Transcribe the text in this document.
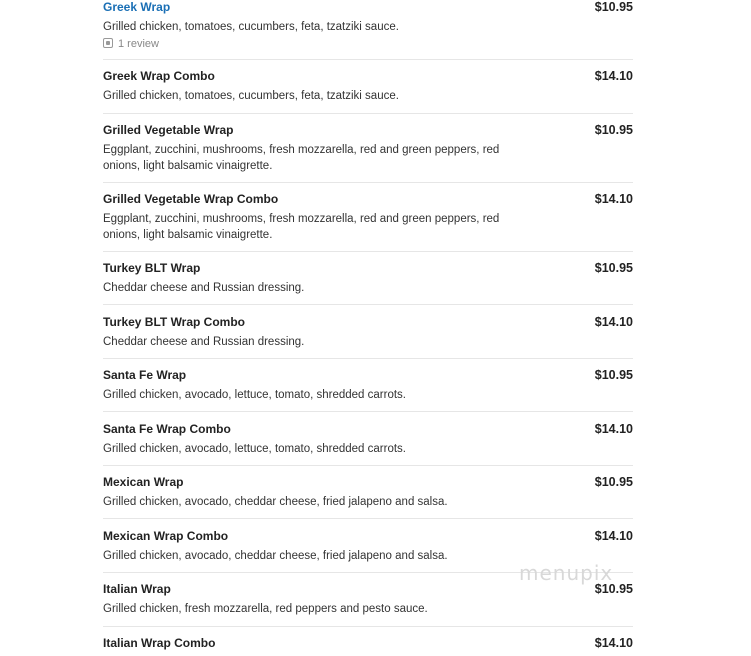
Greek Wrap	$10.95
Grilled chicken, tomatoes, cucumbers, feta, tzatziki sauce.
1 review
Greek Wrap Combo	$14.10
Grilled chicken, tomatoes, cucumbers, feta, tzatziki sauce.
Grilled Vegetable Wrap	$10.95
Eggplant, zucchini, mushrooms, fresh mozzarella, red and green peppers, red onions, light balsamic vinaigrette.
Grilled Vegetable Wrap Combo	$14.10
Eggplant, zucchini, mushrooms, fresh mozzarella, red and green peppers, red onions, light balsamic vinaigrette.
Turkey BLT Wrap	$10.95
Cheddar cheese and Russian dressing.
Turkey BLT Wrap Combo	$14.10
Cheddar cheese and Russian dressing.
Santa Fe Wrap	$10.95
Grilled chicken, avocado, lettuce, tomato, shredded carrots.
Santa Fe Wrap Combo	$14.10
Grilled chicken, avocado, lettuce, tomato, shredded carrots.
Mexican Wrap	$10.95
Grilled chicken, avocado, cheddar cheese, fried jalapeno and salsa.
Mexican Wrap Combo	$14.10
Grilled chicken, avocado, cheddar cheese, fried jalapeno and salsa.
Italian Wrap	$10.95
Grilled chicken, fresh mozzarella, red peppers and pesto sauce.
Italian Wrap Combo	$14.10
menupix
